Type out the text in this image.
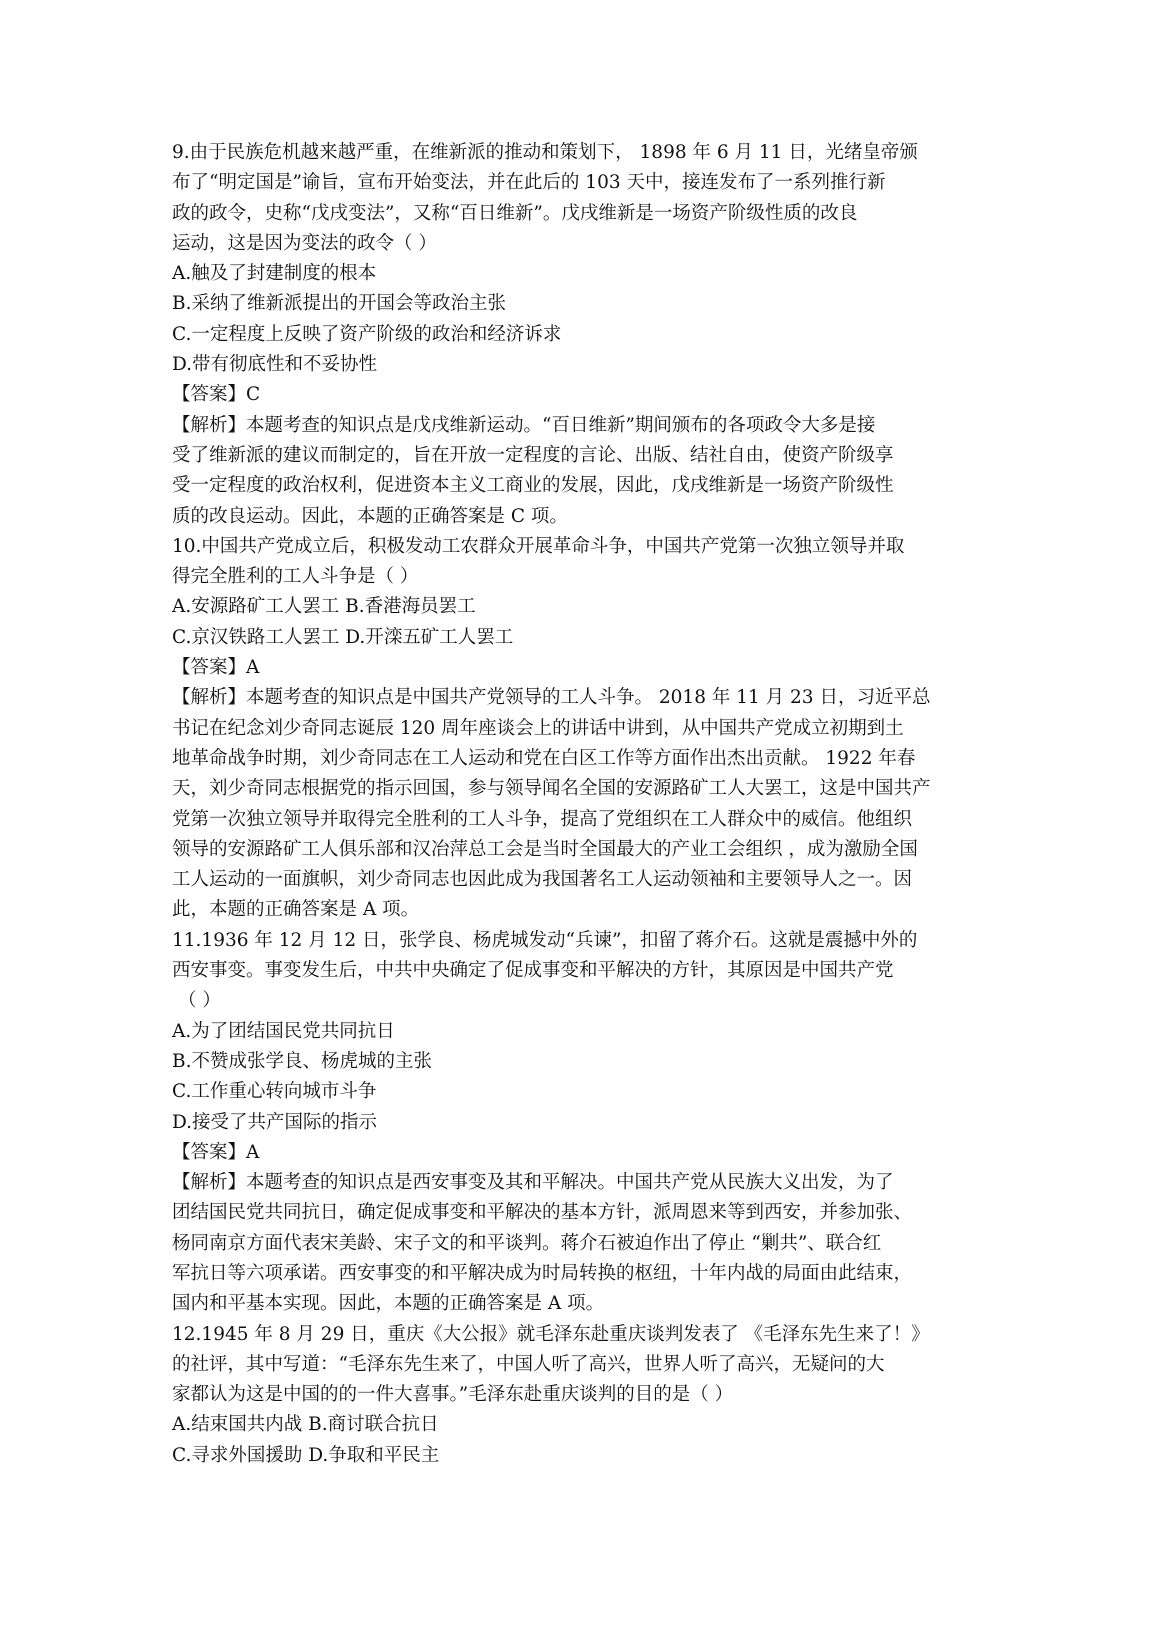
9.由于民族危机越来越严重，在维新派的推动和策划下， 1898 年 6 月 11 日，光绪皇帝颁
布了“明定国是”谕旨，宣布开始变法，并在此后的 103 天中，接连发布了一系列推行新
政的政令，史称“戊戌变法”，又称“百日维新”。戊戌维新是一场资产阶级性质的改良
运动，这是因为变法的政令（ ）
A.触及了封建制度的根本
B.采纳了维新派提出的开国会等政治主张
C.一定程度上反映了资产阶级的政治和经济诉求
D.带有彻底性和不妥协性
【答案】C
【解析】本题考查的知识点是戊戌维新运动。“百日维新”期间颁布的各项政令大多是接
受了维新派的建议而制定的，旨在开放一定程度的言论、出版、结社自由，使资产阶级享
受一定程度的政治权利，促进资本主义工商业的发展，因此，戊戌维新是一场资产阶级性
质的改良运动。因此，本题的正确答案是 C 项。
10.中国共产党成立后，积极发动工农群众开展革命斗争，中国共产党第一次独立领导并取
得完全胜利的工人斗争是（ ）
A.安源路矿工人罢工 B.香港海员罢工
C.京汉铁路工人罢工 D.开滦五矿工人罢工
【答案】A
【解析】本题考查的知识点是中国共产党领导的工人斗争。 2018 年 11 月 23 日，习近平总
书记在纪念刘少奇同志诞辰 120 周年座谈会上的讲话中讲到，从中国共产党成立初期到土
地革命战争时期，刘少奇同志在工人运动和党在白区工作等方面作出杰出贡献。 1922 年春
天，刘少奇同志根据党的指示回国，参与领导闻名全国的安源路矿工人大罢工，这是中国共产
党第一次独立领导并取得完全胜利的工人斗争，提高了党组织在工人群众中的威信。他组织
领导的安源路矿工人俱乐部和汉冶萍总工会是当时全国最大的产业工会组织 ，成为激励全国
工人运动的一面旗帜，刘少奇同志也因此成为我国著名工人运动领袖和主要领导人之一。因
此，本题的正确答案是 A 项。
11.1936 年 12 月 12 日，张学良、杨虎城发动“兵谏”，扣留了蒋介石。这就是震撼中外的
西安事变。事变发生后，中共中央确定了促成事变和平解决的方针，其原因是中国共产党
（ ）
A.为了团结国民党共同抗日
B.不赞成张学良、杨虎城的主张
C.工作重心转向城市斗争
D.接受了共产国际的指示
【答案】A
【解析】本题考查的知识点是西安事变及其和平解决。中国共产党从民族大义出发，为了
团结国民党共同抗日，确定促成事变和平解决的基本方针，派周恩来等到西安，并参加张、
杨同南京方面代表宋美龄、宋子文的和平谈判。蒋介石被迫作出了停止 “剿共”、联合红
军抗日等六项承诺。西安事变的和平解决成为时局转换的枢纽，十年内战的局面由此结束，
国内和平基本实现。因此，本题的正确答案是 A 项。
12.1945 年 8 月 29 日，重庆《大公报》就毛泽东赴重庆谈判发表了 《毛泽东先生来了！》
的社评，其中写道：“毛泽东先生来了，中国人听了高兴，世界人听了高兴，无疑问的大
家都认为这是中国的的一件大喜事。”毛泽东赴重庆谈判的目的是（ ）
A.结束国共内战 B.商讨联合抗日
C.寻求外国援助 D.争取和平民主
